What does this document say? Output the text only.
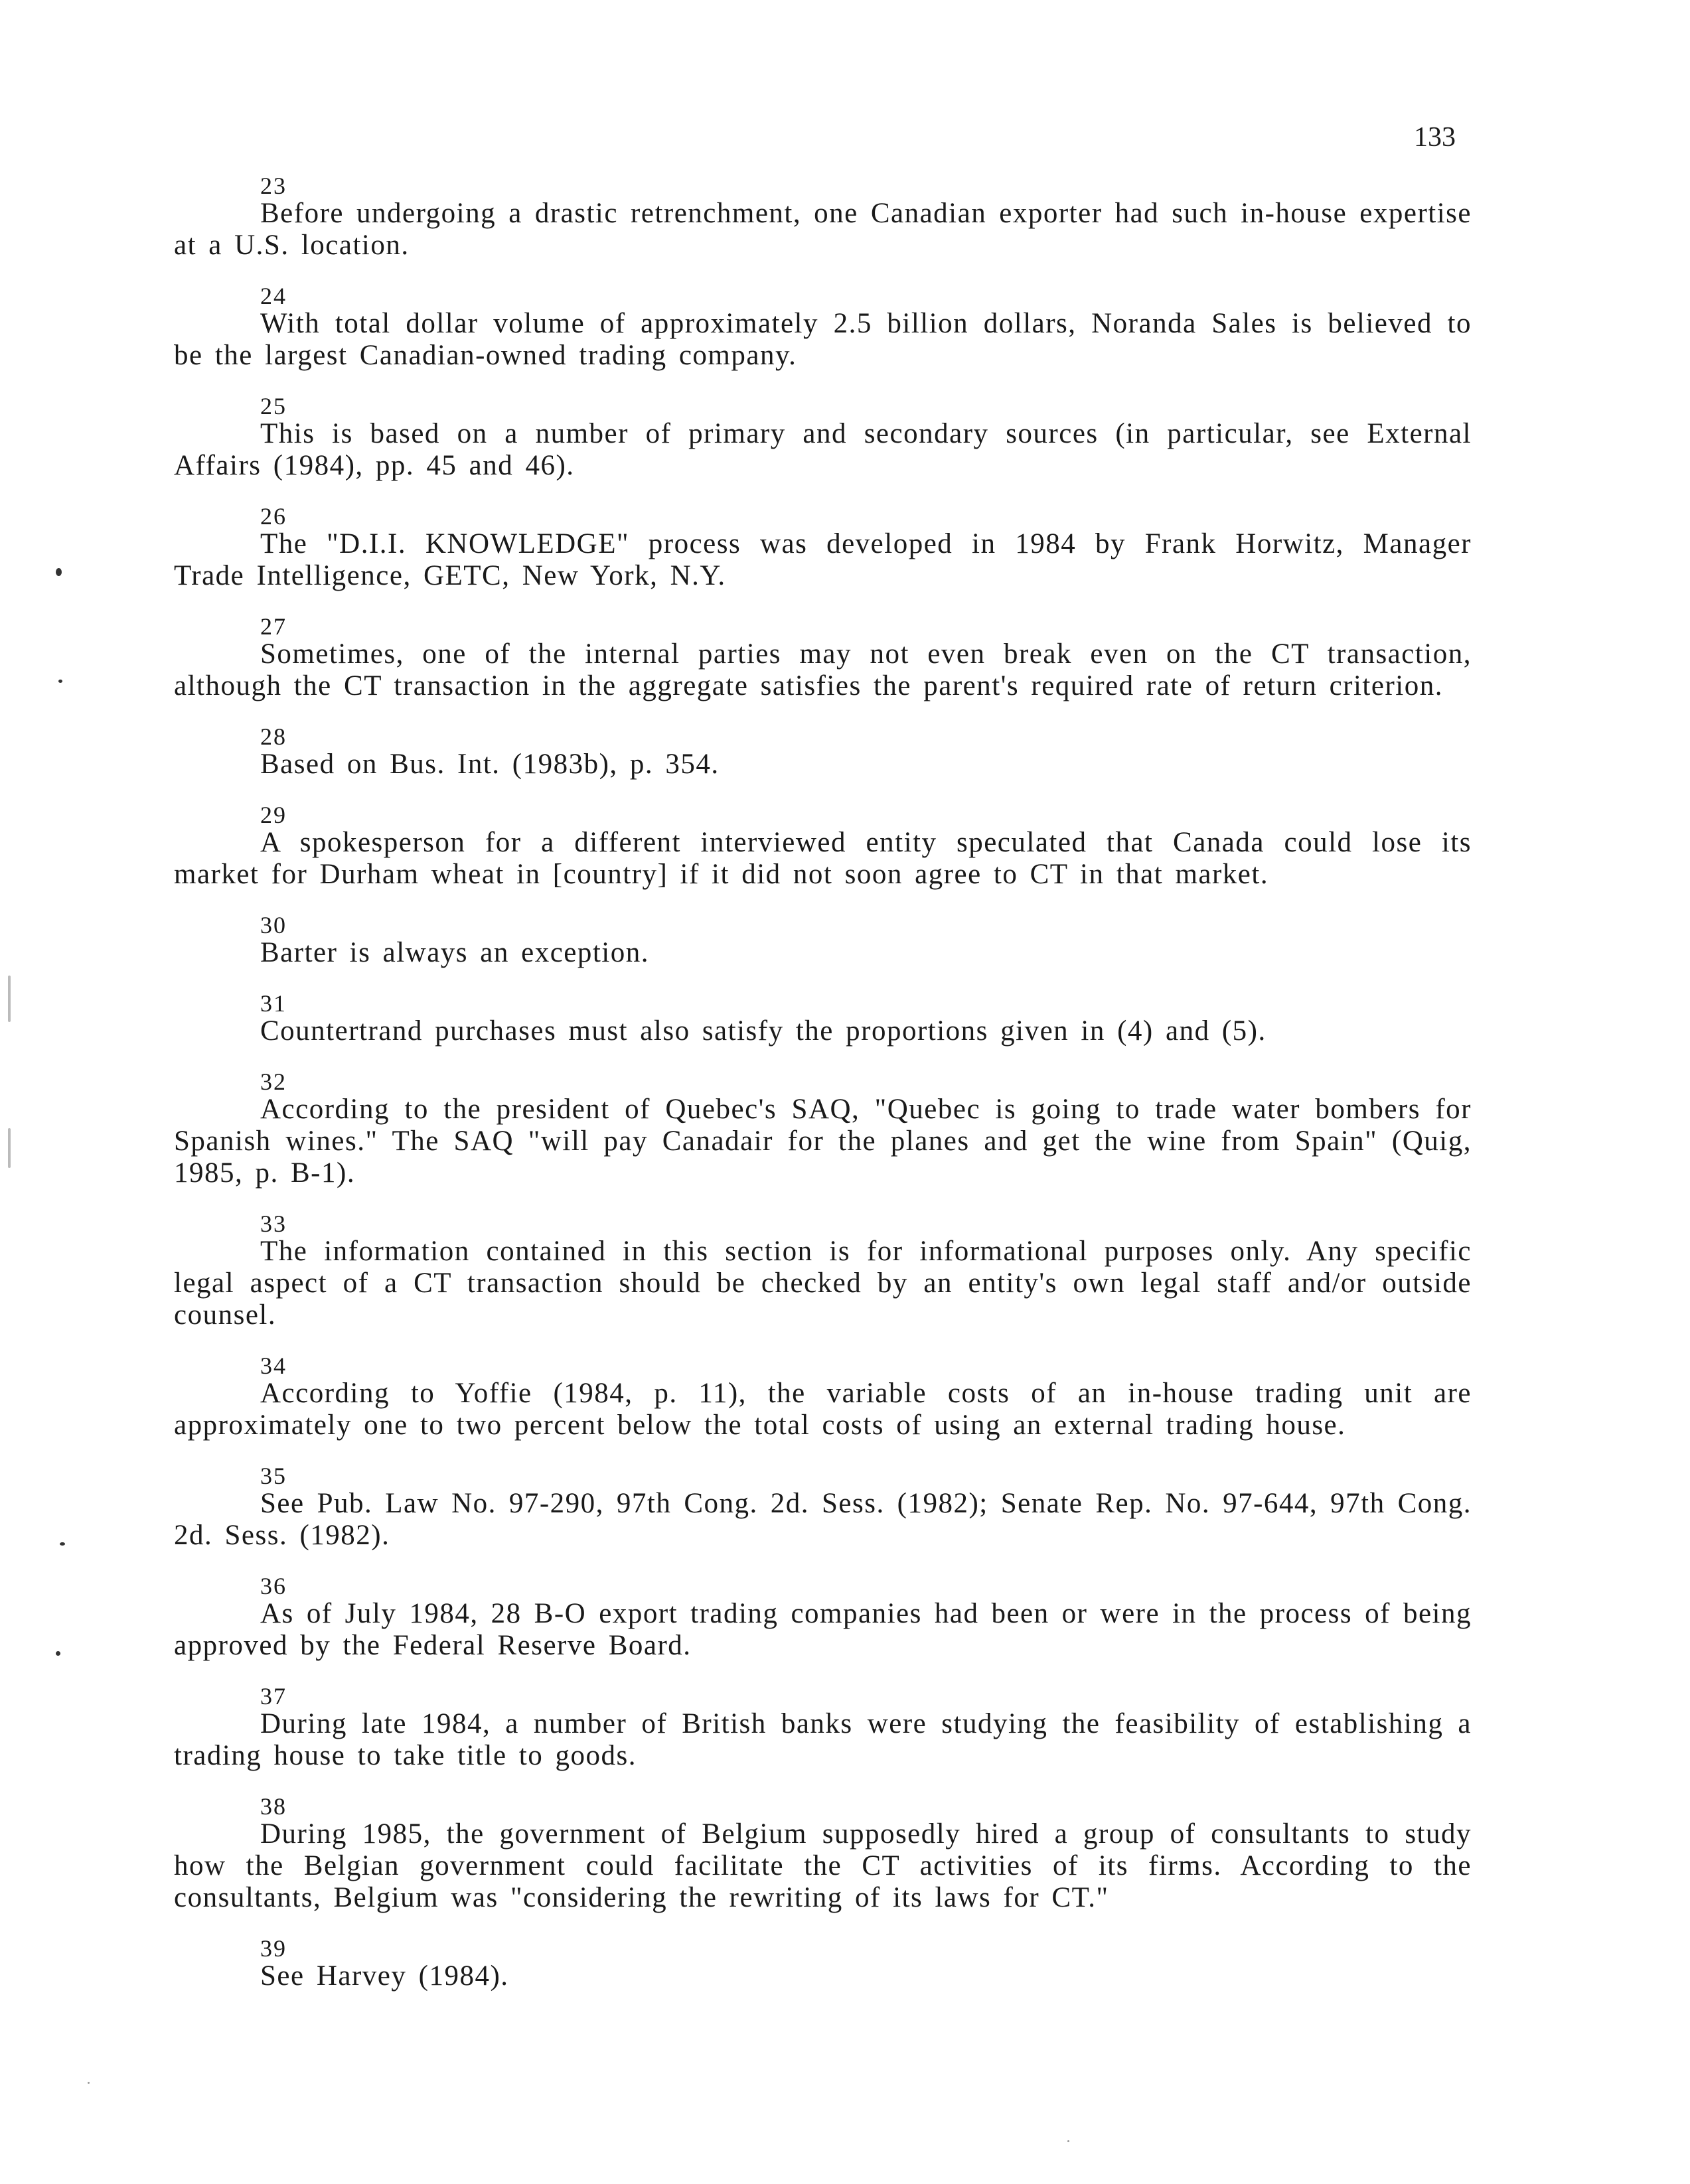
133
23
Before undergoing a drastic retrenchment, one Canadian exporter had such in-house expertise at a U.S. location.
24
With total dollar volume of approximately 2.5 billion dollars, Noranda Sales is believed to be the largest Canadian-owned trading company.
25
This is based on a number of primary and secondary sources (in particular, see External Affairs (1984), pp. 45 and 46).
26
The "D.I.I. KNOWLEDGE" process was developed in 1984 by Frank Horwitz, Manager Trade Intelligence, GETC, New York, N.Y.
27
Sometimes, one of the internal parties may not even break even on the CT transaction, although the CT transaction in the aggregate satisfies the parent's required rate of return criterion.
28
Based on Bus. Int. (1983b), p. 354.
29
A spokesperson for a different interviewed entity speculated that Canada could lose its market for Durham wheat in [country] if it did not soon agree to CT in that market.
30
Barter is always an exception.
31
Countertrand purchases must also satisfy the proportions given in (4) and (5).
32
According to the president of Quebec's SAQ, "Quebec is going to trade water bombers for Spanish wines." The SAQ "will pay Canadair for the planes and get the wine from Spain" (Quig, 1985, p. B-1).
33
The information contained in this section is for informational purposes only. Any specific legal aspect of a CT transaction should be checked by an entity's own legal staff and/or outside counsel.
34
According to Yoffie (1984, p. 11), the variable costs of an in-house trading unit are approximately one to two percent below the total costs of using an external trading house.
35
See Pub. Law No. 97-290, 97th Cong. 2d. Sess. (1982); Senate Rep. No. 97-644, 97th Cong. 2d. Sess. (1982).
36
As of July 1984, 28 B-O export trading companies had been or were in the process of being approved by the Federal Reserve Board.
37
During late 1984, a number of British banks were studying the feasibility of establishing a trading house to take title to goods.
38
During 1985, the government of Belgium supposedly hired a group of consultants to study how the Belgian government could facilitate the CT activities of its firms. According to the consultants, Belgium was "considering the rewriting of its laws for CT."
39
See Harvey (1984).
